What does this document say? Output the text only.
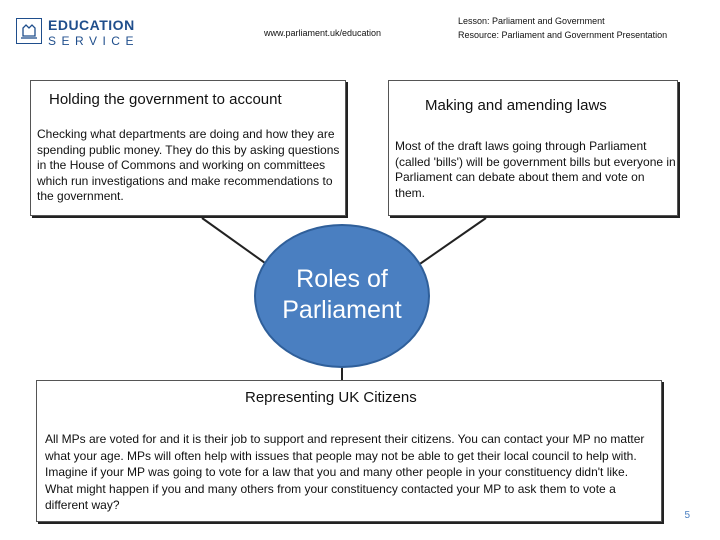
EDUCATION
SERVICE
www.parliament.uk/education
Lesson: Parliament and Government
Resource: Parliament and Government Presentation
Holding the government to account
Checking what departments are doing and how they are spending public money. They do this by asking questions in the House of Commons and working on committees which run investigations and make recommendations to the government.
Making and amending laws
Most of the draft laws going through Parliament (called 'bills') will be government bills but everyone in Parliament can debate about them and vote on them.
Roles of
Parliament
Representing UK Citizens
All MPs are voted for and it is their job to support and represent their citizens. You can contact your MP no matter what your age. MPs will often help with issues that people may not be able to get their local council to help with. Imagine if your MP was going to vote for a law that you and many other people in your constituency didn't like. What might happen if you and many others from your constituency contacted your MP to ask them to vote a different way?
5
